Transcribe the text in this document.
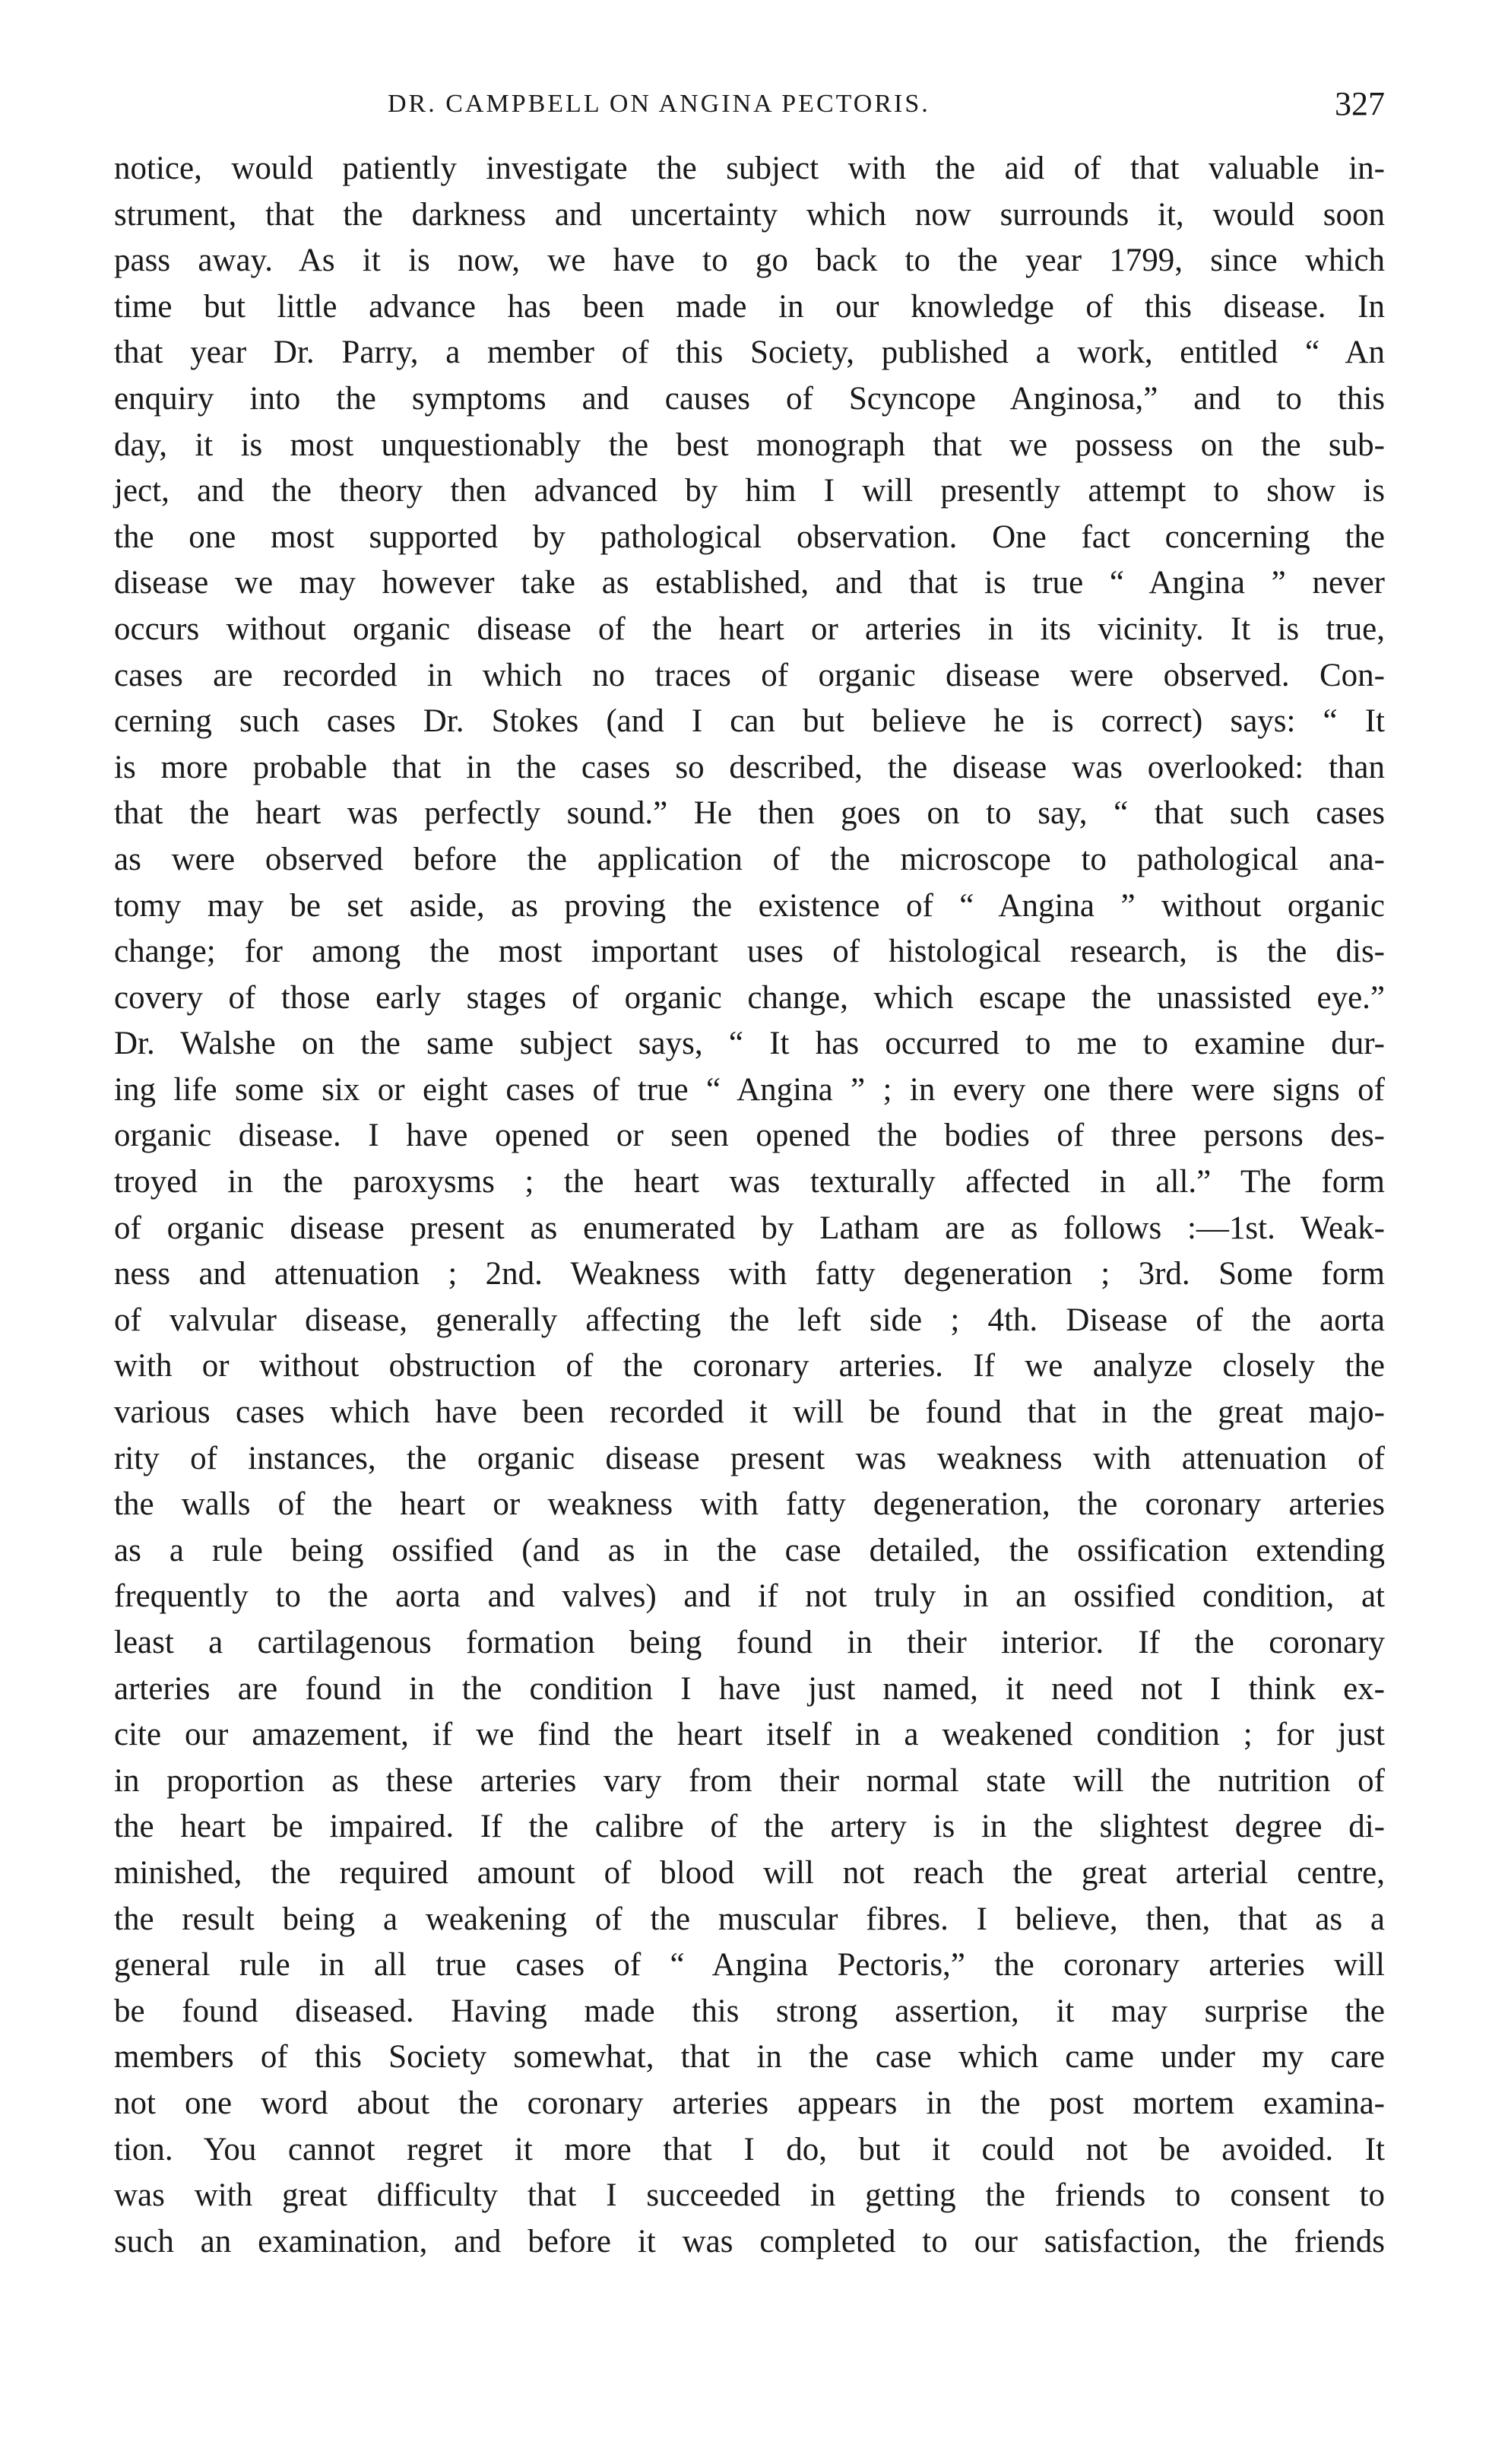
DR. CAMPBELL ON ANGINA PECTORIS.	327
notice, would patiently investigate the subject with the aid of that valuable in-
strument, that the darkness and uncertainty which now surrounds it, would soon
pass away. As it is now, we have to go back to the year 1799, since which
time but little advance has been made in our knowledge of this disease. In
that year Dr. Parry, a member of this Society, published a work, entitled “ An
enquiry into the symptoms and causes of Scyncope Anginosa,” and to this
day, it is most unquestionably the best monograph that we possess on the sub-
ject, and the theory then advanced by him I will presently attempt to show is
the one most supported by pathological observation. One fact concerning the
disease we may however take as established, and that is true “ Angina ” never
occurs without organic disease of the heart or arteries in its vicinity. It is true,
cases are recorded in which no traces of organic disease were observed. Con-
cerning such cases Dr. Stokes (and I can but believe he is correct) says: “ It
is more probable that in the cases so described, the disease was overlooked: than
that the heart was perfectly sound.” He then goes on to say, “ that such cases
as were observed before the application of the microscope to pathological ana-
tomy may be set aside, as proving the existence of “ Angina ” without organic
change; for among the most important uses of histological research, is the dis-
covery of those early stages of organic change, which escape the unassisted eye.”
Dr. Walshe on the same subject says, “ It has occurred to me to examine dur-
ing life some six or eight cases of true “ Angina ” ; in every one there were signs of
organic disease. I have opened or seen opened the bodies of three persons des-
troyed in the paroxysms ; the heart was texturally affected in all.” The form
of organic disease present as enumerated by Latham are as follows :—1st. Weak-
ness and attenuation ; 2nd. Weakness with fatty degeneration ; 3rd. Some form
of valvular disease, generally affecting the left side ; 4th. Disease of the aorta
with or without obstruction of the coronary arteries. If we analyze closely the
various cases which have been recorded it will be found that in the great majo-
rity of instances, the organic disease present was weakness with attenuation of
the walls of the heart or weakness with fatty degeneration, the coronary arteries
as a rule being ossified (and as in the case detailed, the ossification extending
frequently to the aorta and valves) and if not truly in an ossified condition, at
least a cartilagenous formation being found in their interior. If the coronary
arteries are found in the condition I have just named, it need not I think ex-
cite our amazement, if we find the heart itself in a weakened condition ; for just
in proportion as these arteries vary from their normal state will the nutrition of
the heart be impaired. If the calibre of the artery is in the slightest degree di-
minished, the required amount of blood will not reach the great arterial centre,
the result being a weakening of the muscular fibres. I believe, then, that as a
general rule in all true cases of “ Angina Pectoris,” the coronary arteries will
be found diseased. Having made this strong assertion, it may surprise the
members of this Society somewhat, that in the case which came under my care
not one word about the coronary arteries appears in the post mortem examina-
tion. You cannot regret it more that I do, but it could not be avoided. It
was with great difficulty that I succeeded in getting the friends to consent to
such an examination, and before it was completed to our satisfaction, the friends
